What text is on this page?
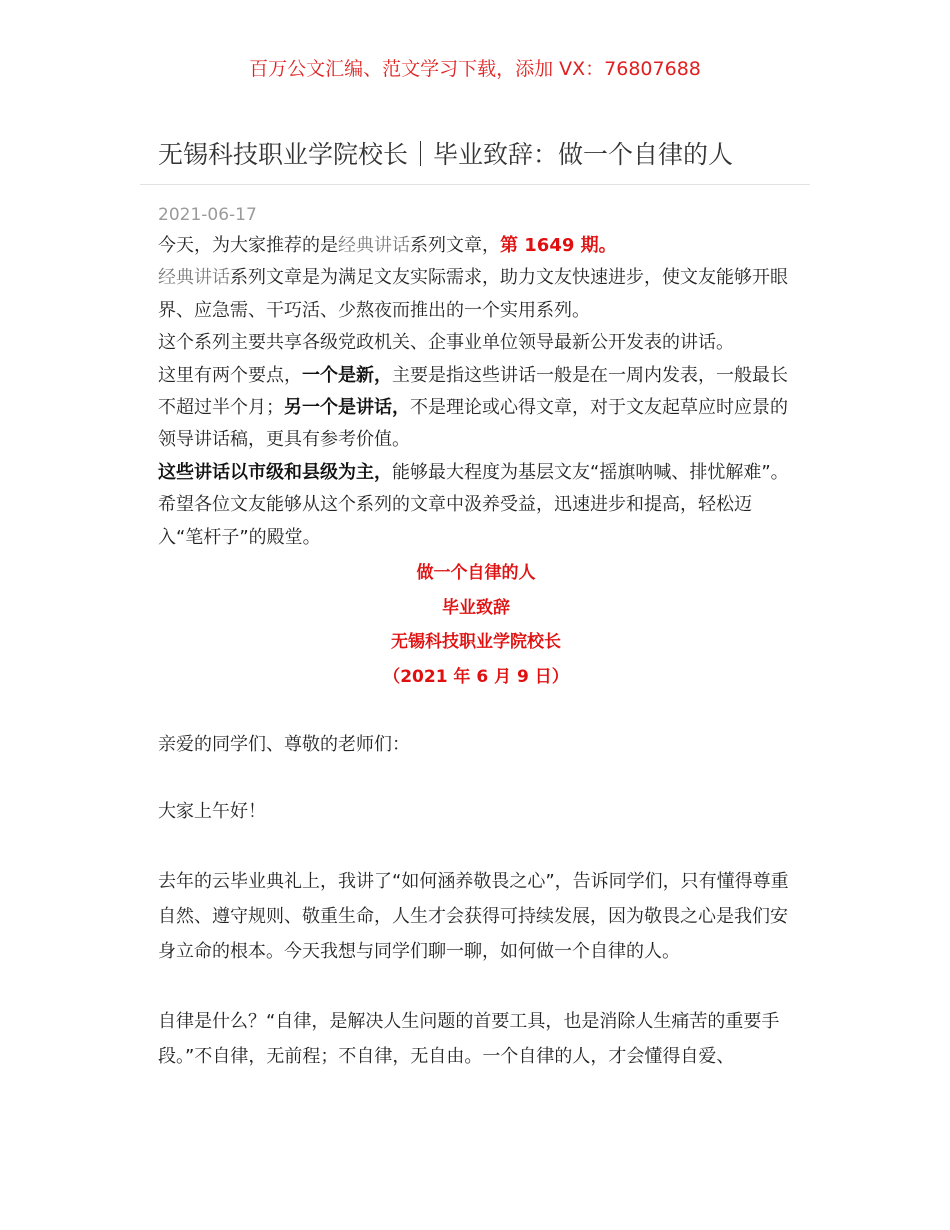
百万公文汇编、范文学习下载，添加 VX：76807688
无锡科技职业学院校长｜毕业致辞：做一个自律的人
2021-06-17

今天，为大家推荐的是经典讲话系列文章，第 1649 期。

经典讲话系列文章是为满足文友实际需求，助力文友快速进步，使文友能够开眼界、应急需、干巧活、少熬夜而推出的一个实用系列。

这个系列主要共享各级党政机关、企事业单位领导最新公开发表的讲话。

这里有两个要点，一个是新，主要是指这些讲话一般是在一周内发表，一般最长不超过半个月；另一个是讲话，不是理论或心得文章，对于文友起草应时应景的领导讲话稿，更具有参考价值。

这些讲话以市级和县级为主，能够最大程度为基层文友“摇旗呐喊、排忧解难”。希望各位文友能够从这个系列的文章中汲养受益，迅速进步和提高，轻松迈入“笔杆子”的殿堂。

做一个自律的人
毕业致辞
无锡科技职业学院校长
（2021 年 6 月 9 日）

亲爱的同学们、尊敬的老师们：

大家上午好！

去年的云毕业典礼上，我讲了“如何涵养敬畏之心”，告诉同学们，只有懂得尊重自然、遵守规则、敬重生命，人生才会获得可持续发展，因为敬畏之心是我们安身立命的根本。今天我想与同学们聊一聊，如何做一个自律的人。

自律是什么？“自律，是解决人生问题的首要工具，也是消除人生痛苦的重要手段。”不自律，无前程；不自律，无自由。一个自律的人，才会懂得自爱、
